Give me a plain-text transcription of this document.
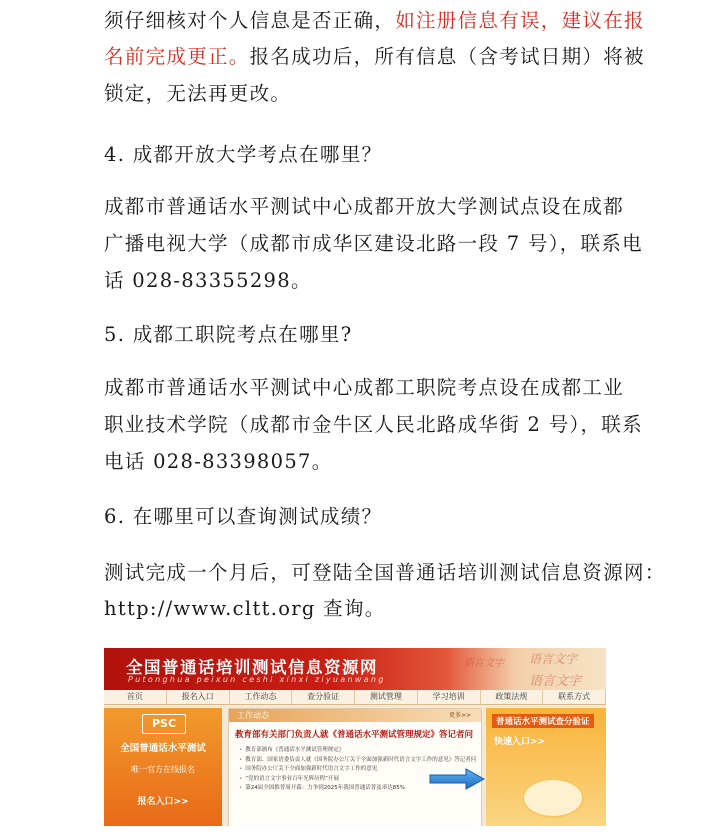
须仔细核对个人信息是否正确，如注册信息有误，建议在报
名前完成更正。报名成功后，所有信息（含考试日期）将被
锁定，无法再更改。
4. 成都开放大学考点在哪里？
成都市普通话水平测试中心成都开放大学测试点设在成都
广播电视大学（成都市成华区建设北路一段 7 号），联系电
话 028-83355298。
5. 成都工职院考点在哪里?
成都市普通话水平测试中心成都工职院考点设在成都工业
职业技术学院（成都市金牛区人民北路成华街 2 号），联系
电话 028-83398057。
6. 在哪里可以查询测试成绩？
测试完成一个月后，可登陆全国普通话培训测试信息资源网：
http://www.cltt.org 查询。
全国普通话培训测试信息资源网
Putonghua peixun ceshi xinxi ziyuanwang
语言文字 语言文字
语言文字
首页	报名入口	工作动态	查分验证	测试管理	学习培训	政策法规	联系方式
PSC
全国普通话水平测试
唯一官方在线报名
报名入口>>
工作动态	更多>>
教育部有关部门负责人就《普通话水平测试管理规定》答记者问
• 教育部颁布《普通话水平测试管理规定》
• 教育部、国家语委负责人就《国务院办公厅关于全面加强新时代语言文字工作的意见》答记者问
• 国务院办公厅关于全面加强新时代语言文字工作的意见
• “党的语言文字事业百年光辉历程”开展
• 第24届全国推普周开幕：力争到2025年我国普通话普及率达85%
普通话水平测试查分验证
快速入口>>
